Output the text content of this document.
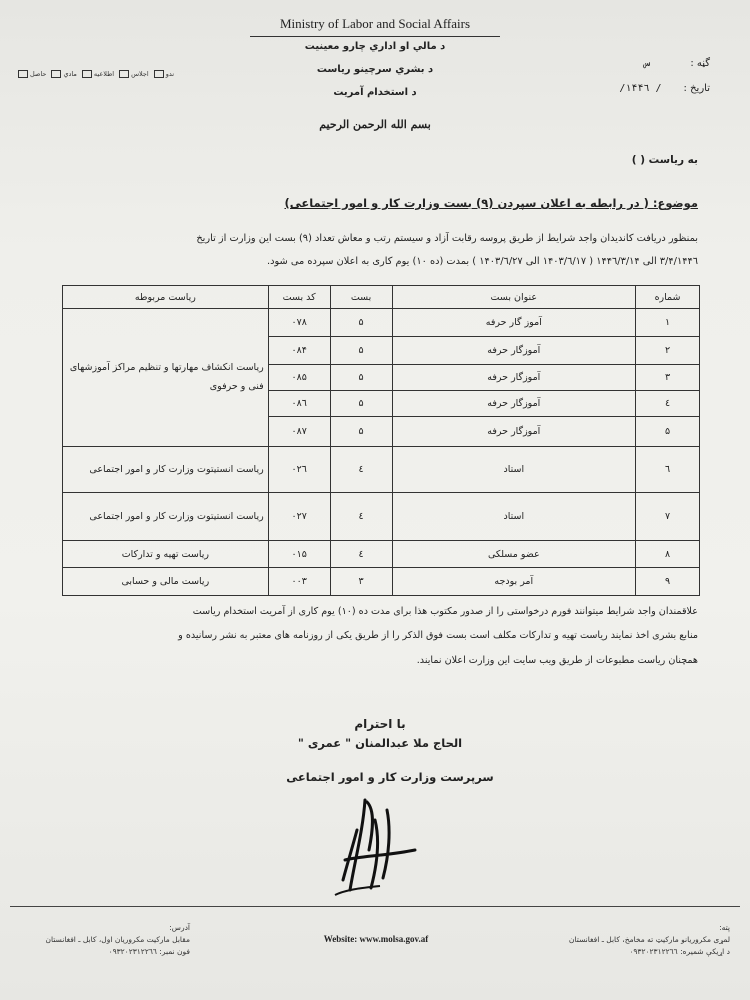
Ministry of Labor and Social Affairs
د مالي او اداري چارو معينيت
د بشري سرچينو رياست
د استخدام آمريت
ندو
اجلاس
اطلاعیه
مادي
حاصل
گڼه :
س
تاریخ :
/ ۱۴۴٦/
بسم الله الرحمن الرحيم
به ریاست ( )
موضوع: ( در رابطه به اعلان سپردن (۹) بست وزارت کار و امور اجتماعی)
بمنظور دریافت کاندیدان واجد شرایط از طریق پروسه رقابت آزاد و سیستم رتب و معاش تعداد (۹) بست این وزارت از تاریخ
۱۴۴٦/۳/۴ الی ۱۴۴٦/۳/۱۴ ( ۱۴۰۳/٦/۱۷ الی ۱۴۰۳/٦/۲۷ ) بمدت (ده ۱۰) یوم کاری به اعلان سپرده می شود.
شماره	عنوان بست	بست	کد بست	ریاست مربوطه
۱	آموز گار حرفه	۵	۰۷۸	ریاست انکشاف مهارتها و تنظیم مراکز آموزشهای فنی و حرفوی
۲	آموزگار حرفه	۵	۰۸۴	
۳	آموزگار حرفه	۵	۰۸۵	
٤	آموزگار حرفه	۵	۰۸٦	
۵	آموزگار حرفه	۵	۰۸۷	
٦	استاد	٤	۰۲٦	ریاست انستیتوت وزارت کار و امور اجتماعی
۷	استاد	٤	۰۲۷	ریاست انستیتوت وزارت کار و امور اجتماعی
۸	عضو مسلکی	٤	۰۱۵	ریاست تهیه و تدارکات
۹	آمر بودجه	۳	۰۰۳	ریاست مالی و حسابی
علاقمندان واجد شرایط میتوانند فورم درخواستی را از صدور مکتوب هذا برای مدت ده (۱۰) یوم کاری از آمریت استخدام ریاست
منابع بشری اخذ نمایند ریاست تهیه و تدارکات مکلف است بست فوق الذکر را از طریق یکی از روزنامه های معتبر به نشر رسانیده و
همچنان ریاست مطبوعات از طریق ویب سایت این وزارت اعلان نمایند.
با احترام
الحاج ملا عبدالمنان " عمری "
سرپرست وزارت کار و امور اجتماعی
آدرس:
مقابل مارکیت مکروریان اول، کابل ـ افغانستان
فون نمبر: ۰۹۳۲۰۲۳۱۲۲٦٦
Website: www.molsa.gov.af
پته:
لمړی مکروریانو مارکیټ ته مخامخ، کابل ـ افغانستان
د اړیکې شمیره: ۰۹۳۲۰۲۳۱۲۲٦٦
